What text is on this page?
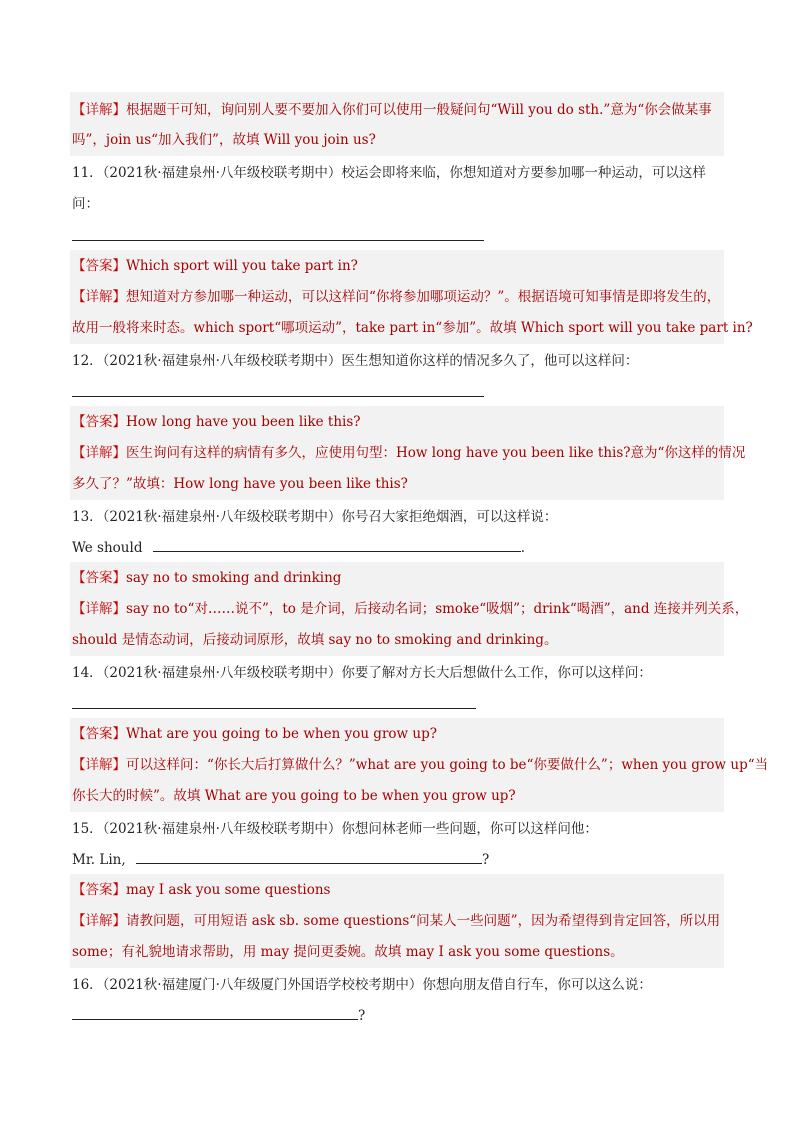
【详解】根据题干可知，询问别人要不要加入你们可以使用一般疑问句“Will you do sth.”意为“你会做某事
吗”，join us“加入我们”，故填 Will you join us?
11．（2021秋·福建泉州·八年级校联考期中）校运会即将来临，你想知道对方要参加哪一种运动，可以这样
问：
【答案】Which sport will you take part in?
【详解】想知道对方参加哪一种运动，可以这样问“你将参加哪项运动？”。根据语境可知事情是即将发生的，
故用一般将来时态。which sport“哪项运动”，take part in“参加”。故填 Which sport will you take part in?
12．（2021秋·福建泉州·八年级校联考期中）医生想知道你这样的情况多久了，他可以这样问：
【答案】How long have you been like this?
【详解】医生询问有这样的病情有多久，应使用句型：How long have you been like this?意为“你这样的情况
多久了？”故填：How long have you been like this?
13．（2021秋·福建泉州·八年级校联考期中）你号召大家拒绝烟酒，可以这样说：
We should	.
【答案】say no to smoking and drinking
【详解】say no to“对……说不”，to 是介词，后接动名词；smoke“吸烟”；drink“喝酒”，and 连接并列关系，
should 是情态动词，后接动词原形，故填 say no to smoking and drinking。
14．（2021秋·福建泉州·八年级校联考期中）你要了解对方长大后想做什么工作，你可以这样问：
【答案】What are you going to be when you grow up?
【详解】可以这样问：“你长大后打算做什么？”what are you going to be“你要做什么”；when you grow up“当
你长大的时候”。故填 What are you going to be when you grow up?
15．（2021秋·福建泉州·八年级校联考期中）你想问林老师一些问题，你可以这样问他：
Mr. Lin,	?
【答案】may I ask you some questions
【详解】请教问题，可用短语 ask sb. some questions“问某人一些问题”，因为希望得到肯定回答，所以用
some；有礼貌地请求帮助，用 may 提问更委婉。故填 may I ask you some questions。
16．（2021秋·福建厦门·八年级厦门外国语学校校考期中）你想向朋友借自行车，你可以这么说：
?
